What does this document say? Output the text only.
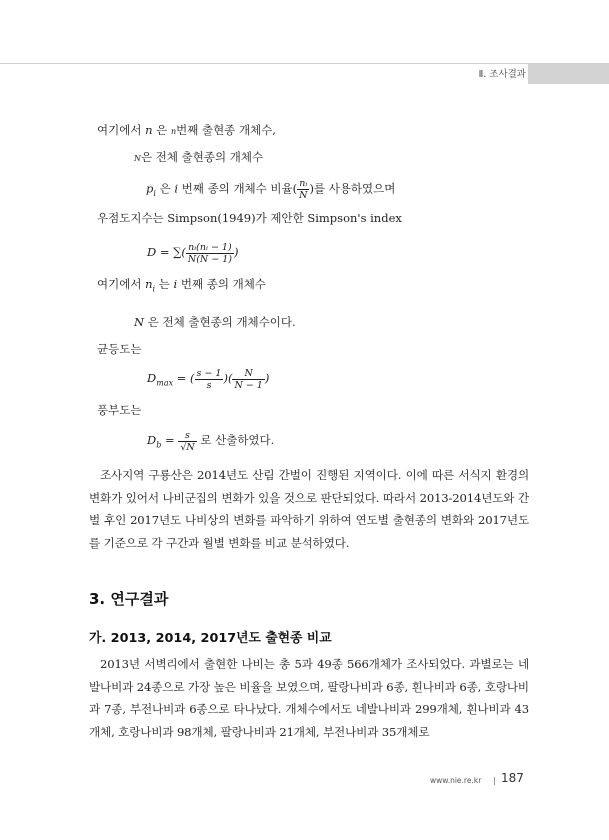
Ⅱ. 조사결과
여기에서 n 은 n번째 출현종 개체수,
N은 전체 출현종의 개체수
$p_i$ 은 i 번째 종의 개체수 비율( $\frac{\text{nᵢ}}{N}$ )를 사용하였으며
우점도지수는 Simpson(1949)가 제안한 Simpson's index
D = ∑( $\frac{\text{nᵢ(nᵢ − 1)}}{N(N - 1)}$ )
여기에서 $n_i$ 는 i 번째 종의 개체수
N 은 전체 출현종의 개체수이다.
균등도는
$D_{max}$ = ( $\frac{s - 1}{s}$ )( $\frac{N}{N - 1}$ )
풍부도는
$D_b = \frac{s}{√N}$ 로 산출하였다.
조사지역 구룡산은 2014년도 산림 간벌이 진행된 지역이다. 이에 따른 서식지 환경의 변화가 있어서 나비군집의 변화가 있을 것으로 판단되었다. 따라서 2013-2014년도와 간벌 후인 2017년도 나비상의 변화를 파악하기 위하여 연도별 출현종의 변화와 2017년도를 기준으로 각 구간과 월별 변화를 비교 분석하였다.
3. 연구결과
가. 2013, 2014, 2017년도 출현종 비교
2013년 서벽리에서 출현한 나비는 총 5과 49종 566개체가 조사되었다. 과별로는 네발나비과 24종으로 가장 높은 비율을 보였으며, 팔랑나비과 6종, 흰나비과 6종, 호랑나비과 7종, 부전나비과 6종으로 타나났다. 개체수에서도 네발나비과 299개체, 흰나비과 43개체, 호랑나비과 98개체, 팔랑나비과 21개체, 부전나비과 35개체로
www.nie.re.kr 187
